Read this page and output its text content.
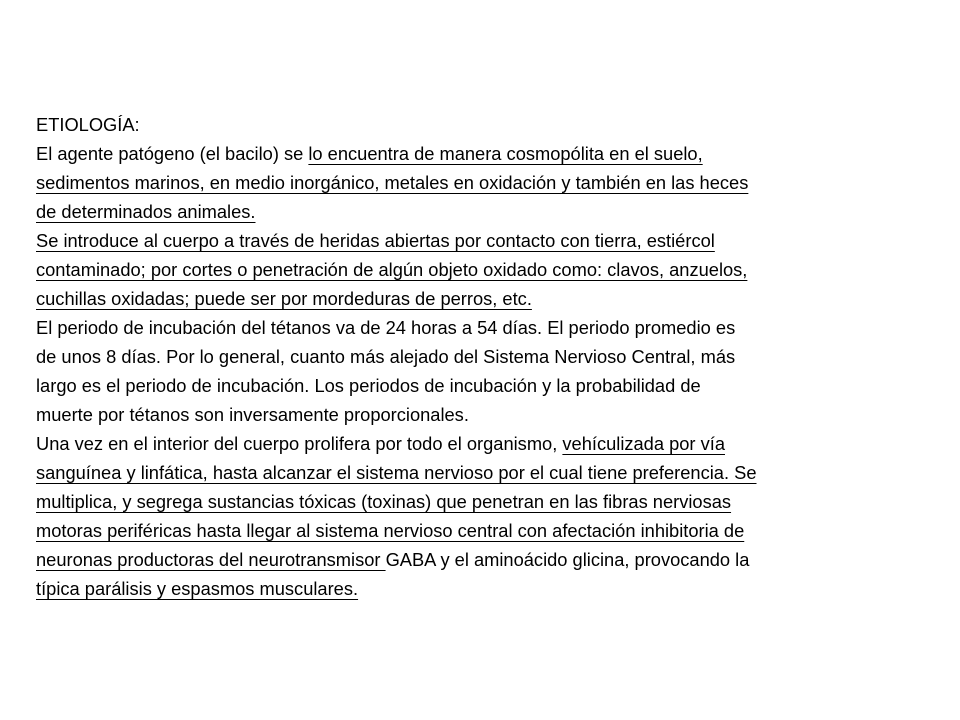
ETIOLOGÍA:
El agente patógeno (el bacilo) se lo encuentra de manera cosmopólita en el suelo,
sedimentos marinos, en medio inorgánico, metales en oxidación y también en las heces
de determinados animales.
Se introduce al cuerpo a través de heridas abiertas por contacto con tierra, estiércol
contaminado; por cortes o penetración de algún objeto oxidado como: clavos, anzuelos,
cuchillas oxidadas; puede ser por mordeduras de perros, etc.
El periodo de incubación del tétanos va de 24 horas a 54 días. El periodo promedio es
de unos 8 días. Por lo general, cuanto más alejado del Sistema Nervioso Central, más
largo es el periodo de incubación. Los periodos de incubación y la probabilidad de
muerte por tétanos son inversamente proporcionales.
Una vez en el interior del cuerpo prolifera por todo el organismo, vehículizada por vía
sanguínea y linfática, hasta alcanzar el sistema nervioso por el cual tiene preferencia. Se
multiplica, y segrega sustancias tóxicas (toxinas) que penetran en las fibras nerviosas
motoras periféricas hasta llegar al sistema nervioso central con afectación inhibitoria de
neuronas productoras del neurotransmisor GABA y el aminoácido glicina, provocando la
típica parálisis y espasmos musculares.
